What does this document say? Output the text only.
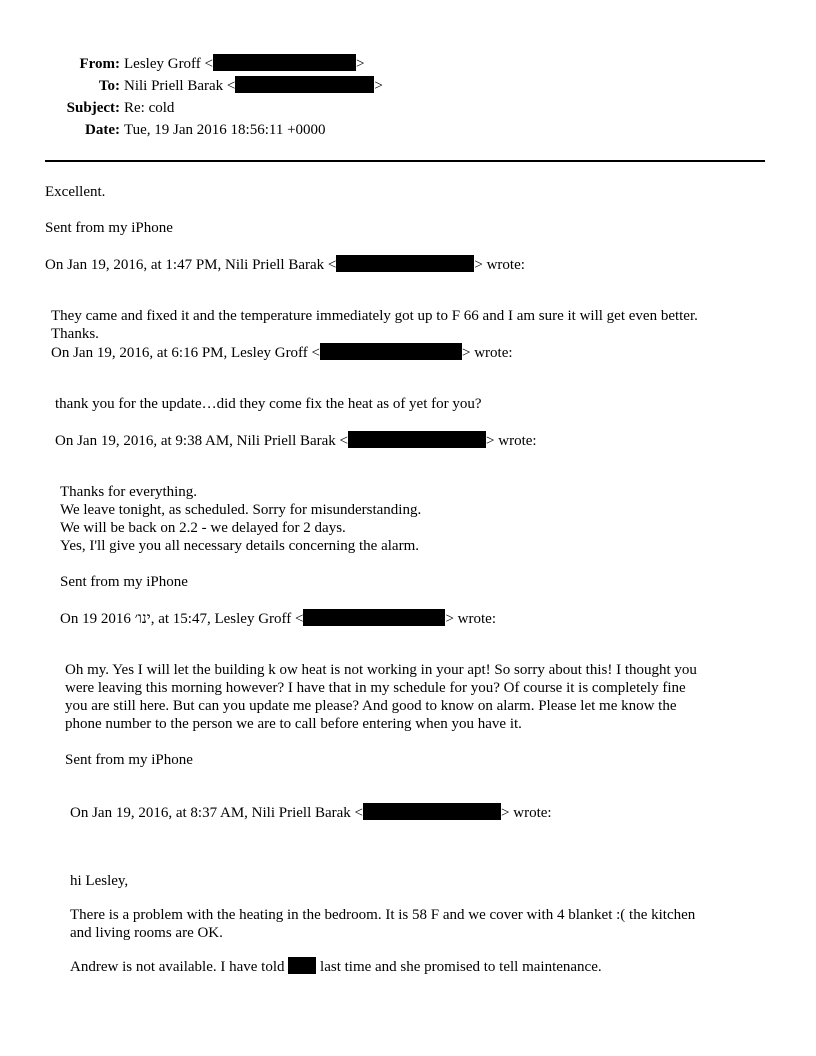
From: Lesley Groff <	>
To: Nili Priell Barak <	>
Subject: Re: cold
Date: Tue, 19 Jan 2016 18:56:11 +0000
Excellent.
Sent from my iPhone
On Jan 19, 2016, at 1:47 PM, Nili Priell Barak <	> wrote:
They came and fixed it and the temperature immediately got up to F 66 and I am sure it will get even better.
Thanks.
On Jan 19, 2016, at 6:16 PM, Lesley Groff <	> wrote:
thank you for the update…did they come fix the heat as of yet for you?
On Jan 19, 2016, at 9:38 AM, Nili Priell Barak <	> wrote:
Thanks for everything.
We leave tonight, as scheduled. Sorry for misunderstanding.
We will be back on 2.2 - we delayed for 2 days.
Yes, I'll give you all necessary details concerning the alarm.
Sent from my iPhone
On 19 2016 ינו׳, at 15:47, Lesley Groff <	> wrote:
Oh my. Yes I will let the building k ow heat is not working in your apt! So sorry about this! I thought you
were leaving this morning however? I have that in my schedule for you? Of course it is completely fine
you are still here. But can you update me please? And good to know on alarm. Please let me know the
phone number to the person we are to call before entering when you have it.
Sent from my iPhone
On Jan 19, 2016, at 8:37 AM, Nili Priell Barak <	> wrote:
hi Lesley,
There is a problem with the heating in the bedroom. It is 58 F and we cover with 4 blanket :( the kitchen
and living rooms are OK.
Andrew is not available. I have told last time and she promised to tell maintenance.
